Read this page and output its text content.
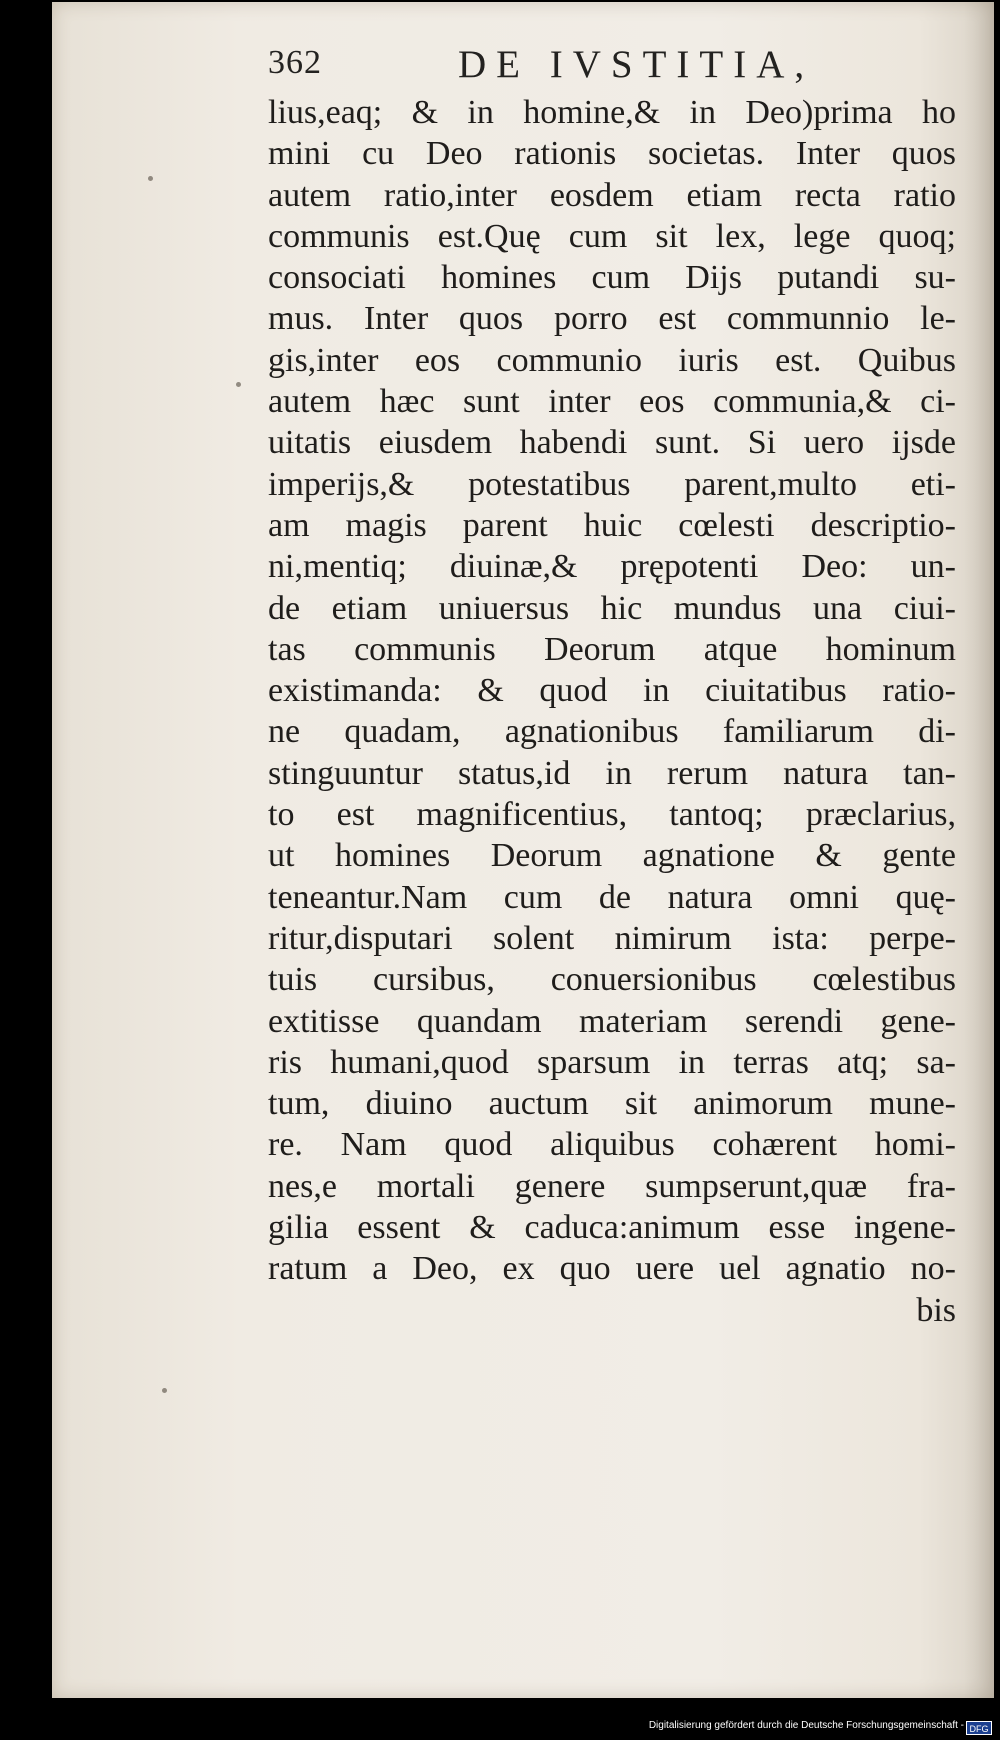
362	DE IVSTITIA,
lius,eaq; & in homine,& in Deo)prima ho
mini cu Deo rationis societas. Inter quos
autem ratio,inter eosdem etiam recta ratio
communis est.Quę cum sit lex, lege quoq;
consociati homines cum Dijs putandi su-
mus. Inter quos porro est communnio le-
gis,inter eos communio iuris est. Quibus
autem hæc sunt inter eos communia,& ci-
uitatis eiusdem habendi sunt. Si uero ijsde
imperijs,& potestatibus parent,multo eti-
am magis parent huic cœlesti descriptio-
ni,mentiq; diuinæ,& prępotenti Deo: un-
de etiam uniuersus hic mundus una ciui-
tas communis Deorum atque hominum
existimanda: & quod in ciuitatibus ratio-
ne quadam, agnationibus familiarum di-
stinguuntur status,id in rerum natura tan-
to est magnificentius, tantoq; præclarius,
ut homines Deorum agnatione & gente
teneantur.Nam cum de natura omni quę-
ritur,disputari solent nimirum ista: perpe-
tuis cursibus, conuersionibus cœlestibus
extitisse quandam materiam serendi gene-
ris humani,quod sparsum in terras atq; sa-
tum, diuino auctum sit animorum mune-
re. Nam quod aliquibus cohærent homi-
nes,e mortali genere sumpserunt,quæ fra-
gilia essent & caduca:animum esse ingene-
ratum a Deo, ex quo uere uel agnatio no-
bis
Digitalisierung gefördert durch die Deutsche Forschungsgemeinschaft - DFG
